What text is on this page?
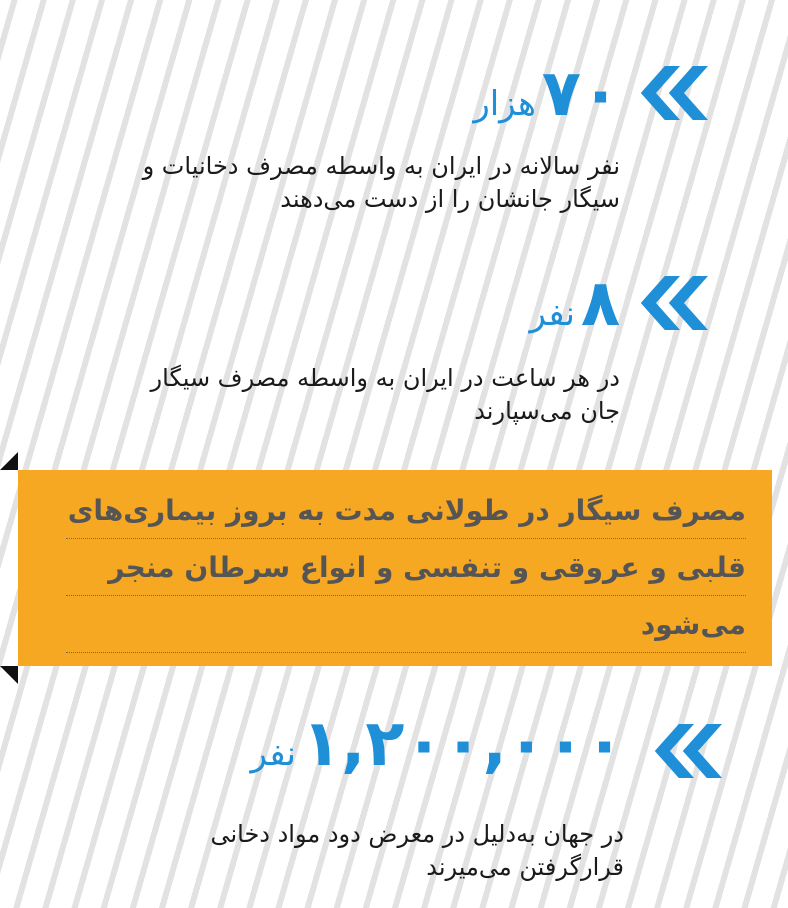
۷۰
هزار
نفر سالانه در ایران به واسطه مصرف دخانیات و
سیگار جانشان را از دست می‌دهند
۸
نفر
در هر ساعت در ایران به واسطه مصرف سیگار
جان می‌سپارند
مصرف سیگار در طولانی مدت به بروز بیماری‌های
قلبی و عروقی و تنفسی و انواع سرطان منجر
می‌شود
۱,۲۰۰,۰۰۰
نفر
در جهان به‌دلیل در معرض دود مواد دخانی
قرارگرفتن می‌میرند
